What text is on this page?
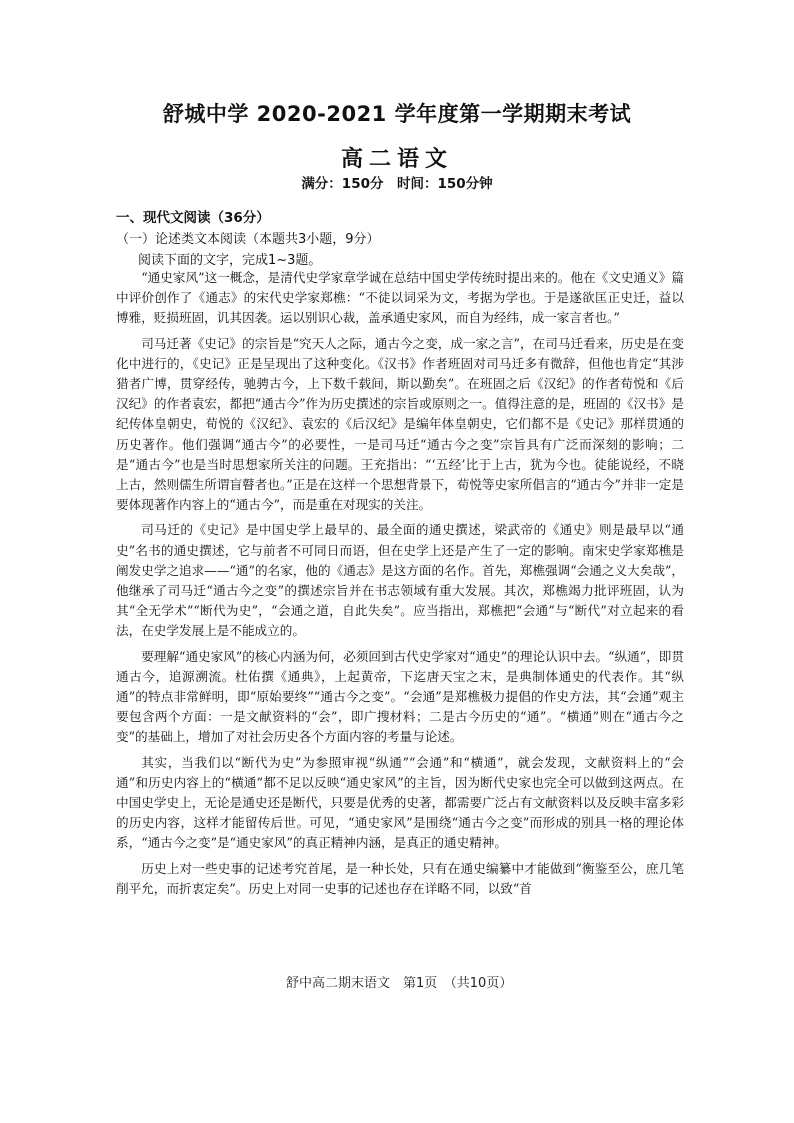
舒城中学 2020-2021 学年度第一学期期末考试
高二语文
满分：150分　时间：150分钟
一、现代文阅读（36分）
（一）论述类文本阅读（本题共3小题，9分）
阅读下面的文字，完成1~3题。

“通史家风”这一概念，是清代史学家章学诚在总结中国史学传统时提出来的。他在《文史通义》篇中评价创作了《通志》的宋代史学家郑樵：“不徒以词采为文，考据为学也。于是遂欲匡正史迁，益以博雅，贬损班固，讥其因袭。运以别识心裁，盖承通史家风，而自为经纬，成一家言者也。”

司马迁著《史记》的宗旨是“究天人之际，通古今之变，成一家之言”，在司马迁看来，历史是在变化中进行的，《史记》正是呈现出了这种变化。《汉书》作者班固对司马迁多有微辞，但他也肯定“其涉猎者广博，贯穿经传，驰骋古今，上下数千载间，斯以勤矣”。在班固之后《汉纪》的作者荀悦和《后汉纪》的作者袁宏，都把“通古今”作为历史撰述的宗旨或原则之一。值得注意的是，班固的《汉书》是纪传体皇朝史，荀悦的《汉纪》、袁宏的《后汉纪》是编年体皇朝史，它们都不是《史记》那样贯通的历史著作。他们强调“通古今”的必要性，一是司马迁“通古今之变”宗旨具有广泛而深刻的影响；二是“通古今”也是当时思想家所关注的问题。王充指出：“‘五经’比于上古，犹为今也。徒能说经，不晓上古，然则儒生所谓盲瞽者也。”正是在这样一个思想背景下，荀悦等史家所倡言的“通古今”并非一定是要体现著作内容上的“通古今”，而是重在对现实的关注。

司马迁的《史记》是中国史学上最早的、最全面的通史撰述，梁武帝的《通史》则是最早以“通史”名书的通史撰述，它与前者不可同日而语，但在史学上还是产生了一定的影响。南宋史学家郑樵是阐发史学之追求——“通”的名家，他的《通志》是这方面的名作。首先，郑樵强调“会通之义大矣哉”，他继承了司马迁“通古今之变”的撰述宗旨并在书志领域有重大发展。其次，郑樵竭力批评班固，认为其“全无学术”“断代为史”，“会通之道，自此失矣”。应当指出，郑樵把“会通”与“断代”对立起来的看法，在史学发展上是不能成立的。

要理解“通史家风”的核心内涵为何，必须回到古代史学家对“通史”的理论认识中去。“纵通”，即贯通古今，追源溯流。杜佑撰《通典》，上起黄帝，下迄唐天宝之末，是典制体通史的代表作。其“纵通”的特点非常鲜明，即“原始要终”“通古今之变”。“会通”是郑樵极力提倡的作史方法，其“会通”观主要包含两个方面：一是文献资料的“会”，即广搜材料；二是古今历史的“通”。“横通”则在“通古今之变”的基础上，增加了对社会历史各个方面内容的考量与论述。

其实，当我们以“断代为史”为参照审视“纵通”“会通”和“横通”，就会发现，文献资料上的“会通”和历史内容上的“横通”都不足以反映“通史家风”的主旨，因为断代史家也完全可以做到这两点。在中国史学史上，无论是通史还是断代，只要是优秀的史著，都需要广泛占有文献资料以及反映丰富多彩的历史内容，这样才能留传后世。可见，“通史家风”是围绕“通古今之变”而形成的别具一格的理论体系，“通古今之变”是“通史家风”的真正精神内涵，是真正的通史精神。

历史上对一些史事的记述考究首尾，是一种长处，只有在通史编纂中才能做到“衡鉴至公，庶几笔削平允，而折衷定矣”。历史上对同一史事的记述也存在详略不同，以致“首

舒中高二期末语文　第1页　（共10页）
